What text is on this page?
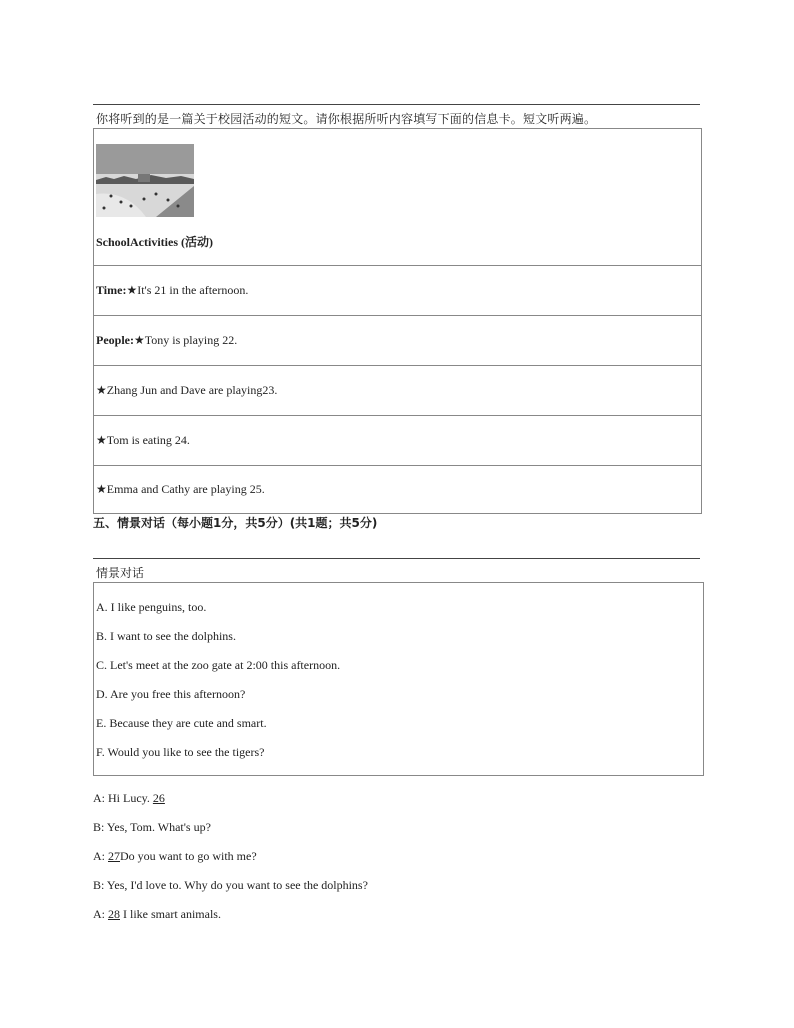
你将听到的是一篇关于校园活动的短文。请你根据所听内容填写下面的信息卡。短文听两遍。
SchoolActivities (活动)
Time: ★It's 21 in the afternoon.
People: ★Tony is playing 22.
★Zhang Jun and Dave are playing23.
★Tom is eating 24.
★Emma and Cathy are playing 25.
五、情景对话（每小题1分，共5分）(共1题；共5分)
情景对话
A. I like penguins, too.
B. I want to see the dolphins.
C. Let's meet at the zoo gate at 2:00 this afternoon.
D. Are you free this afternoon?
E. Because they are cute and smart.
F. Would you like to see the tigers?
A: Hi Lucy. 26
B: Yes, Tom. What's up?
A: 27Do you want to go with me?
B: Yes, I'd love to. Why do you want to see the dolphins?
A: 28 I like smart animals.
